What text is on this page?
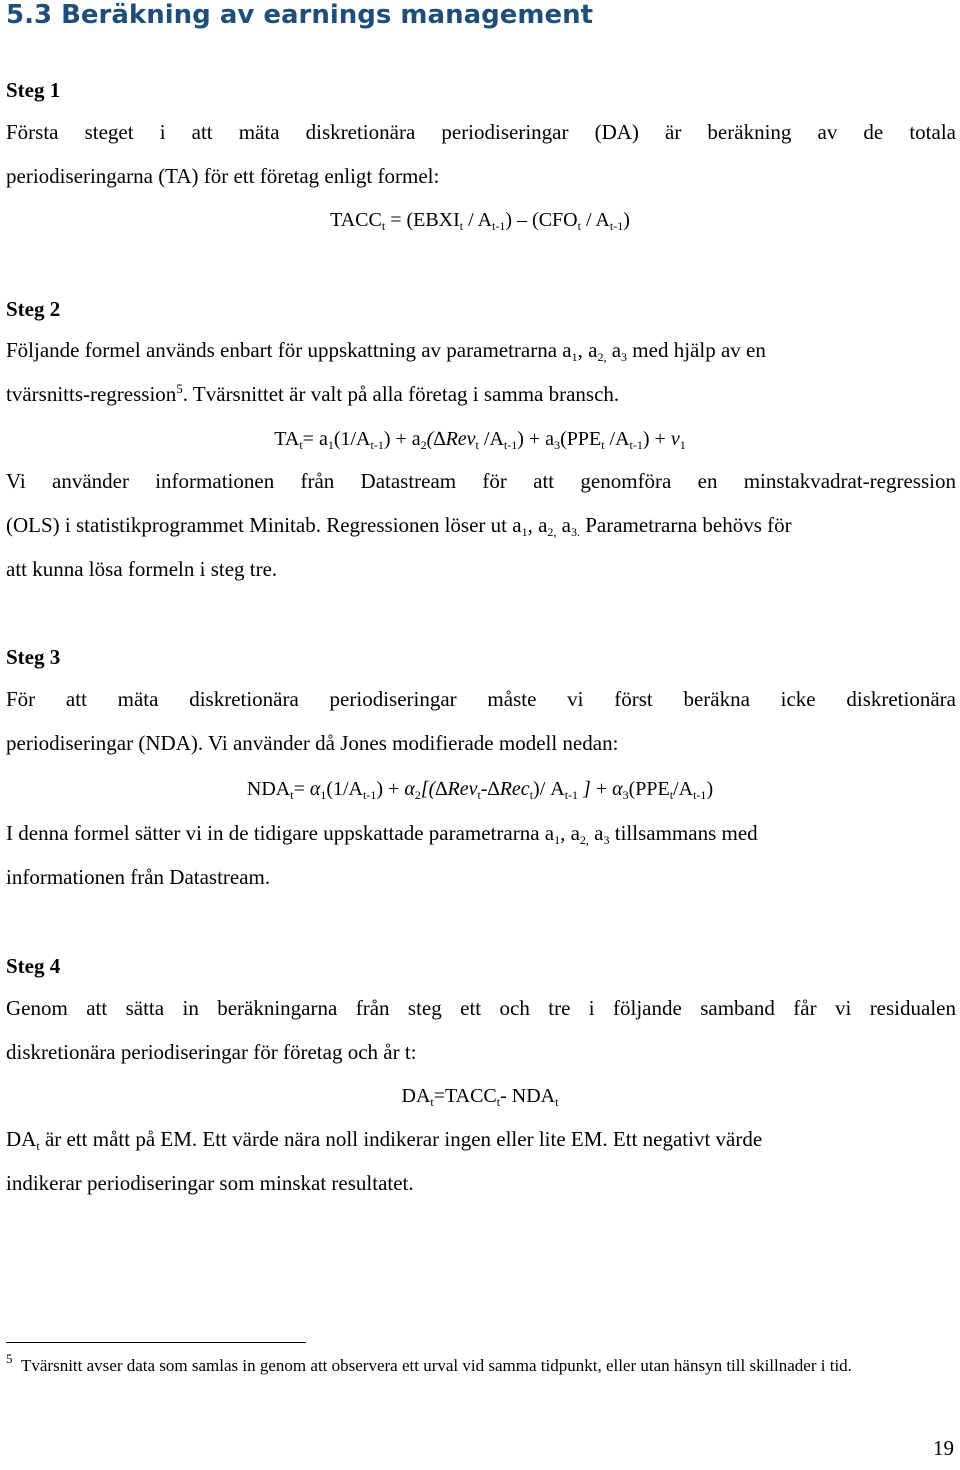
5.3 Beräkning av earnings management

Steg 1

Första steget i att mäta diskretionära periodiseringar (DA) är beräkning av de totala

periodiseringarna (TA) för ett företag enligt formel:

$TACC_t$ = $(EBXI_t / A_{t-1}) - (CFO_t / A_{t-1})$

Steg 2

Följande formel används enbart för uppskattning av parametrarna $a_1$, $a_{2,}$ $a_3$ med hjälp av en

tvärsnitts-regression$^5$. Tvärsnittet är valt på alla företag i samma bransch.

$TA_t= a_1(1/A_{t-1}) + a_2(\Delta Rev_t$ $/A_{t-1}) + a_3(PPE_t$ $/A_{t-1}) + v_1$

Vi använder informationen från Datastream för att genomföra en minstakvadrat-regression

(OLS) i statistikprogrammet Minitab. Regressionen löser ut $a_1$, $a_{2,}$ $a_{3.}$ Parametrarna behövs för

att kunna lösa formeln i steg tre.

Steg 3

För att mäta diskretionära periodiseringar måste vi först beräkna icke diskretionära

periodiseringar (NDA). Vi använder då Jones modifierade modell nedan:

$NDA_t= \alpha_1(1/A_{t-1}) + \alpha_2[(\Delta Rev_t-\Delta Rec_t)/$ $A_{t-1}$ ] + $\alpha_3(PPE_t/A_{t-1})$

I denna formel sätter vi in de tidigare uppskattade parametrarna $a_1$, $a_{2,}$ $a_3$ tillsammans med

informationen från Datastream.

Steg 4

Genom att sätta in beräkningarna från steg ett och tre i följande samband får vi residualen

diskretionära periodiseringar för företag och år t:

$DA_t=TACC_t-$ $NDA_t$

$DA_t$ är ett mått på EM. Ett värde nära noll indikerar ingen eller lite EM. Ett negativt värde

indikerar periodiseringar som minskat resultatet.

$^5$ Tvärsnitt avser data som samlas in genom att observera ett urval vid samma tidpunkt, eller utan hänsyn till skillnader i tid.
19
